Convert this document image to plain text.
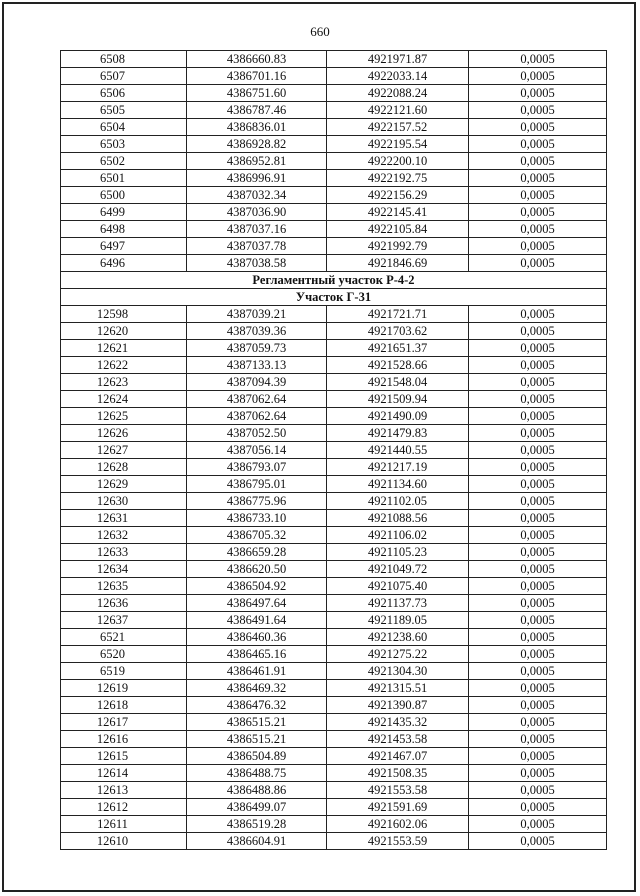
660
6508	4386660.83	4921971.87	0,0005
6507	4386701.16	4922033.14	0,0005
6506	4386751.60	4922088.24	0,0005
6505	4386787.46	4922121.60	0,0005
6504	4386836.01	4922157.52	0,0005
6503	4386928.82	4922195.54	0,0005
6502	4386952.81	4922200.10	0,0005
6501	4386996.91	4922192.75	0,0005
6500	4387032.34	4922156.29	0,0005
6499	4387036.90	4922145.41	0,0005
6498	4387037.16	4922105.84	0,0005
6497	4387037.78	4921992.79	0,0005
6496	4387038.58	4921846.69	0,0005
Регламентный участок Р-4-2			
Участок Г-31			
12598	4387039.21	4921721.71	0,0005
12620	4387039.36	4921703.62	0,0005
12621	4387059.73	4921651.37	0,0005
12622	4387133.13	4921528.66	0,0005
12623	4387094.39	4921548.04	0,0005
12624	4387062.64	4921509.94	0,0005
12625	4387062.64	4921490.09	0,0005
12626	4387052.50	4921479.83	0,0005
12627	4387056.14	4921440.55	0,0005
12628	4386793.07	4921217.19	0,0005
12629	4386795.01	4921134.60	0,0005
12630	4386775.96	4921102.05	0,0005
12631	4386733.10	4921088.56	0,0005
12632	4386705.32	4921106.02	0,0005
12633	4386659.28	4921105.23	0,0005
12634	4386620.50	4921049.72	0,0005
12635	4386504.92	4921075.40	0,0005
12636	4386497.64	4921137.73	0,0005
12637	4386491.64	4921189.05	0,0005
6521	4386460.36	4921238.60	0,0005
6520	4386465.16	4921275.22	0,0005
6519	4386461.91	4921304.30	0,0005
12619	4386469.32	4921315.51	0,0005
12618	4386476.32	4921390.87	0,0005
12617	4386515.21	4921435.32	0,0005
12616	4386515.21	4921453.58	0,0005
12615	4386504.89	4921467.07	0,0005
12614	4386488.75	4921508.35	0,0005
12613	4386488.86	4921553.58	0,0005
12612	4386499.07	4921591.69	0,0005
12611	4386519.28	4921602.06	0,0005
12610	4386604.91	4921553.59	0,0005
